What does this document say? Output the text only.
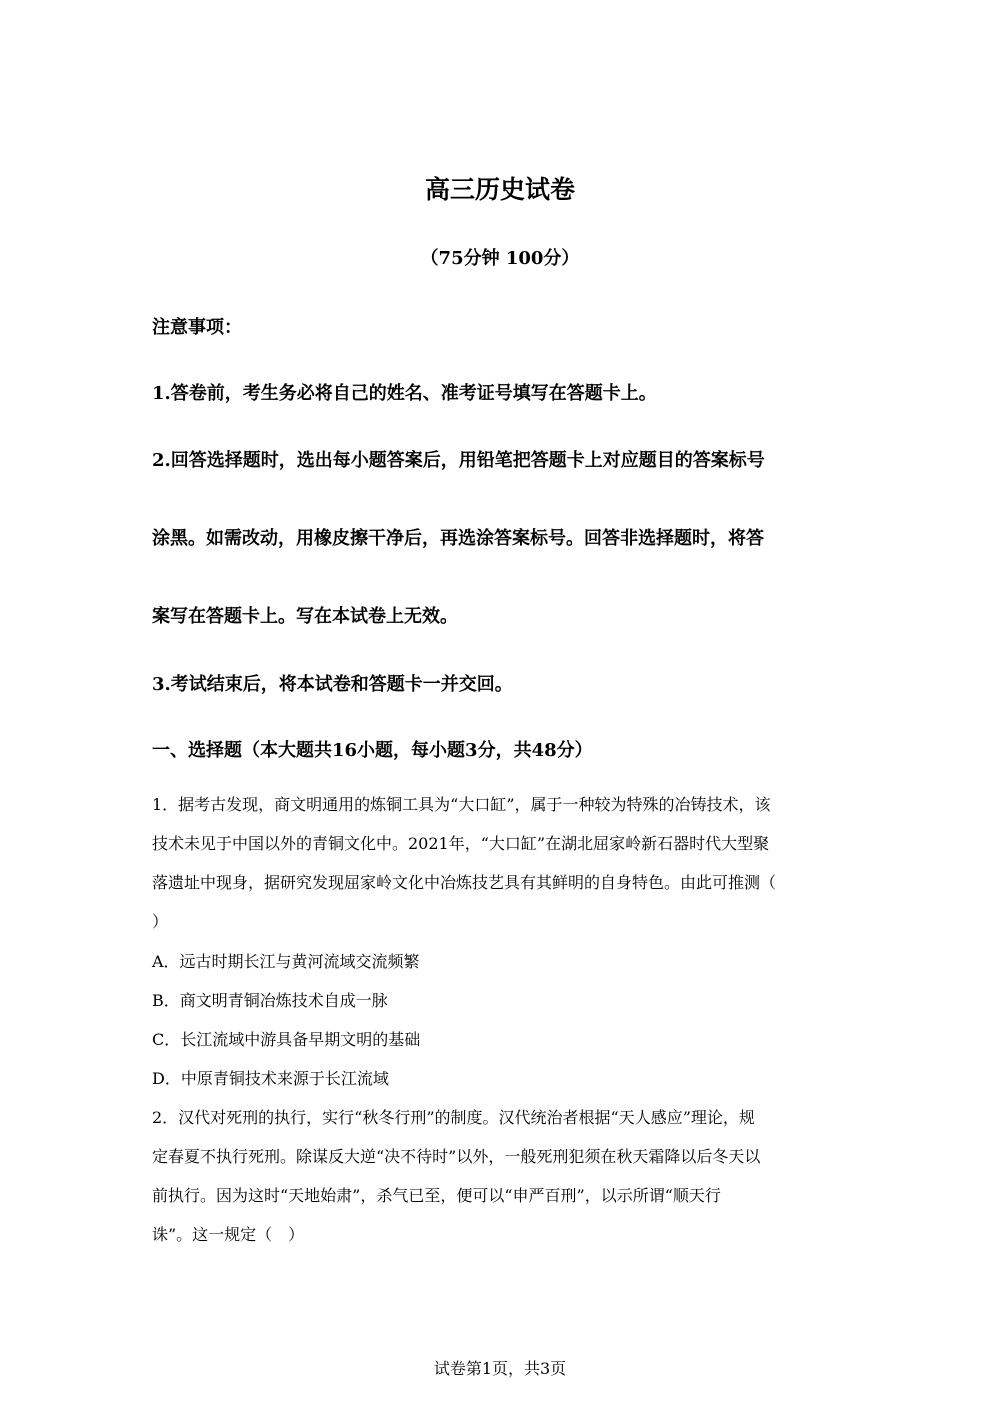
高三历史试卷
（75分钟 100分）
注意事项：
1.答卷前，考生务必将自己的姓名、准考证号填写在答题卡上。
2.回答选择题时，选出每小题答案后，用铅笔把答题卡上对应题目的答案标号
涂黑。如需改动，用橡皮擦干净后，再选涂答案标号。回答非选择题时，将答
案写在答题卡上。写在本试卷上无效。
3.考试结束后，将本试卷和答题卡一并交回。
一、选择题（本大题共16小题，每小题3分，共48分）
1．据考古发现，商文明通用的炼铜工具为“大口缸”，属于一种较为特殊的冶铸技术，该
技术未见于中国以外的青铜文化中。2021年，“大口缸”在湖北屈家岭新石器时代大型聚
落遗址中现身，据研究发现屈家岭文化中冶炼技艺具有其鲜明的自身特色。由此可推测（
）
A．远古时期长江与黄河流域交流频繁
B．商文明青铜冶炼技术自成一脉
C．长江流域中游具备早期文明的基础
D．中原青铜技术来源于长江流域
2．汉代对死刑的执行，实行“秋冬行刑”的制度。汉代统治者根据“天人感应”理论，规
定春夏不执行死刑。除谋反大逆“决不待时”以外，一般死刑犯须在秋天霜降以后冬天以
前执行。因为这时“天地始肃”，杀气已至，便可以“申严百刑”，以示所谓“顺天行
诛”。这一规定（　）
试卷第1页，共3页
